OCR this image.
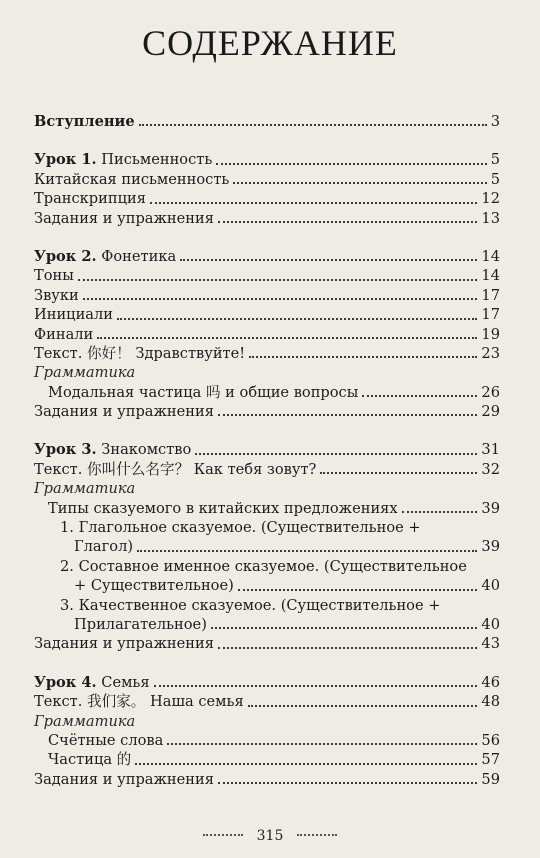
СОДЕРЖАНИЕ
Вступление	3
Урок 1. Письменность	5
Китайская письменность	5
Транскрипция	12
Задания и упражнения	13
Урок 2. Фонетика	14
Тоны	14
Звуки	17
Инициали	17
Финали	19
Текст. 你好！ Здравствуйте!	23
Грамматика
Модальная частица 吗 и общие вопросы	26
Задания и упражнения	29
Урок 3. Знакомство	31
Текст. 你叫什么名字？ Как тебя зовут?	32
Грамматика
Типы сказуемого в китайских предложениях	39
1. Глагольное сказуемое. (Существительное +
Глагол)	39
2. Составное именное сказуемое. (Существительное
+ Существительное)	40
3. Качественное сказуемое. (Существительное +
Прилагательное)	40
Задания и упражнения	43
Урок 4. Семья	46
Текст. 我们家。 Наша семья	48
Грамматика
Счётные слова	56
Частица 的	57
Задания и упражнения	59
315
